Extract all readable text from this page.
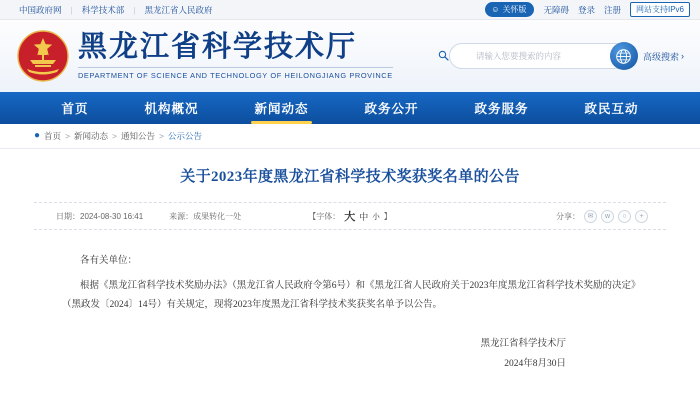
中国政府网	|	科学技术部	|	黑龙江省人民政府	☺ 关怀版 无障碍 登录 注册	网站支持IPv6
黑龙江省科学技术厅
DEPARTMENT OF SCIENCE AND TECHNOLOGY OF HEILONGJIANG PROVINCE
请输入您要搜索的内容	高级搜索 ›
首页	机构概况	新闻动态	政务公开	政务服务	政民互动
● 首页 > 新闻动态 > 通知公告 > 公示公告
关于2023年度黑龙江省科学技术奖获奖名单的公告
日期：2024-08-30 16:41	来源：成果转化一处	【字体： 大 中 小 】	分享：	✉	w	○	+

各有关单位：

根据《黑龙江省科学技术奖励办法》（黑龙江省人民政府令第6号）和《黑龙江省人民政府关于2023年度黑龙江省科学技术奖励的决定》（黑政发〔2024〕14号）有关规定，现将2023年度黑龙江省科学技术奖获奖名单予以公告。

黑龙江省科学技术厅
2024年8月30日
